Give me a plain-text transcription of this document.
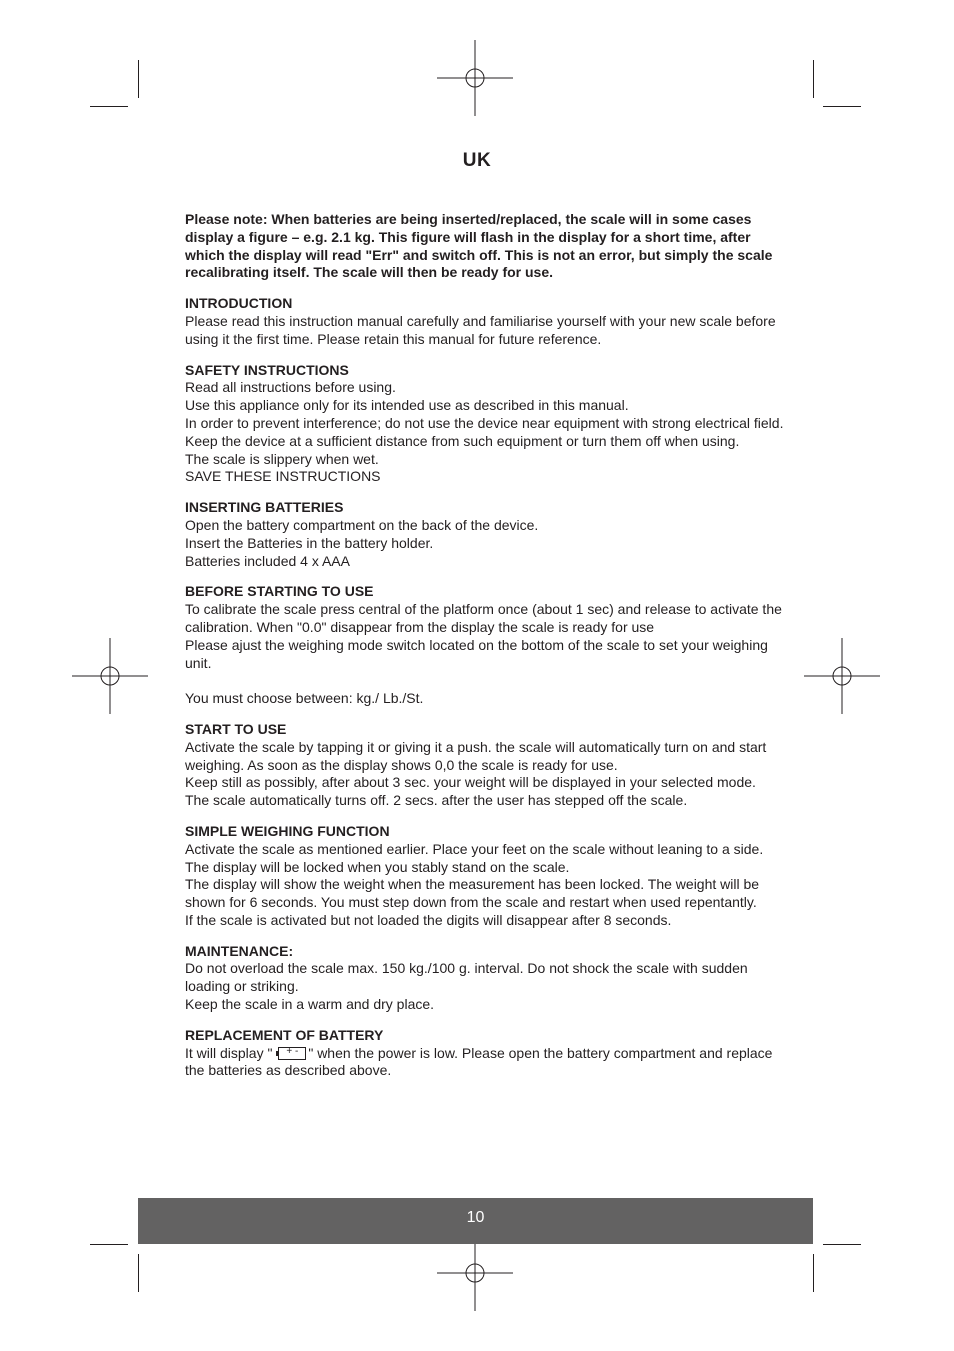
UK

Please note: When batteries are being inserted/replaced, the scale will in some cases display a figure – e.g. 2.1 kg. This figure will flash in the display for a short time, after which the display will read "Err" and switch off. This is not an error, but simply the scale recalibrating itself. The scale will then be ready for use.

INTRODUCTION

Please read this instruction manual carefully and familiarise yourself with your new scale before using it the first time. Please retain this manual for future reference.

SAFETY INSTRUCTIONS

Read all instructions before using.

Use this appliance only for its intended use as described in this manual.

In order to prevent interference; do not use the device near equipment with strong electrical field. Keep the device at a sufficient distance from such equipment or turn them off when using.

The scale is slippery when wet.

SAVE THESE INSTRUCTIONS

INSERTING BATTERIES

Open the battery compartment on the back of the device.

Insert the Batteries in the battery holder.

Batteries included 4 x AAA

BEFORE STARTING TO USE

To calibrate the scale press central of the platform once (about 1 sec) and release to activate the calibration. When "0.0" disappear from the display the scale is ready for use

Please ajust the weighing mode switch located on the bottom of the scale to set your weighing unit.

You must choose between: kg./ Lb./St.

START TO USE

Activate the scale by tapping it or giving it a push. the scale will automatically turn on and start weighing. As soon as the display shows 0,0 the scale is ready for use.

Keep still as possibly, after about 3 sec. your weight will be displayed in your selected mode.

The scale automatically turns off. 2 secs. after the user has stepped off the scale.

SIMPLE WEIGHING FUNCTION

Activate the scale as mentioned earlier. Place your feet on the scale without leaning to a side. The display will be locked when you stably stand on the scale.

The display will show the weight when the measurement has been locked. The weight will be shown for 6 seconds. You must step down from the scale and restart when used repentantly.

If the scale is activated but not loaded the digits will disappear after 8 seconds.

MAINTENANCE:

Do not overload the scale max. 150 kg./100 g. interval. Do not shock the scale with sudden loading or striking.

Keep the scale in a warm and dry place.

REPLACEMENT OF BATTERY

It will display "	+ - " when the power is low. Please open the battery compartment and replace the batteries as described above.

10
